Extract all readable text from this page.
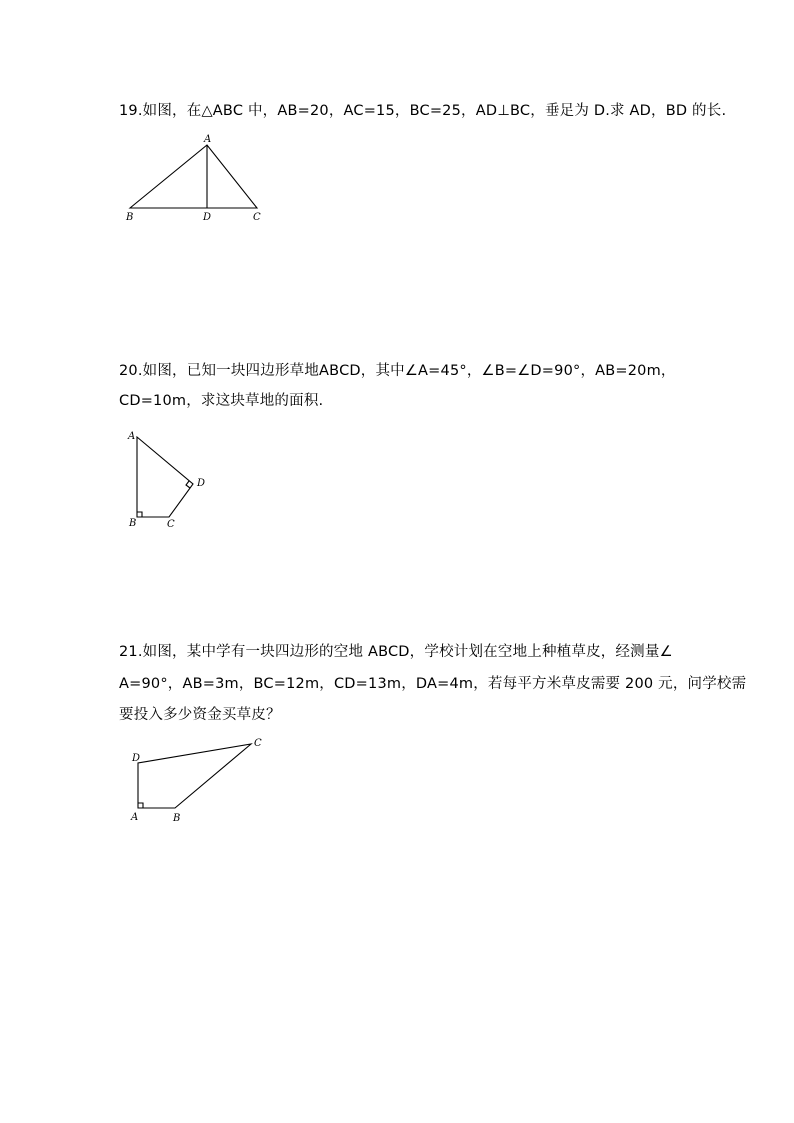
19.如图，在△ABC 中，AB=20，AC=15，BC=25，AD⊥BC，垂足为 D.求 AD，BD 的长.
A
B	D	C
20.如图，已知一块四边形草地ABCD，其中∠A=45°，∠B=∠D=90°，AB=20m，
CD=10m，求这块草地的面积.
A
B	C
D
21.如图，某中学有一块四边形的空地 ABCD，学校计划在空地上种植草皮，经测量∠
A=90°，AB=3m，BC=12m，CD=13m，DA=4m，若每平方米草皮需要 200 元，问学校需
要投入多少资金买草皮？
D
C
A	B
